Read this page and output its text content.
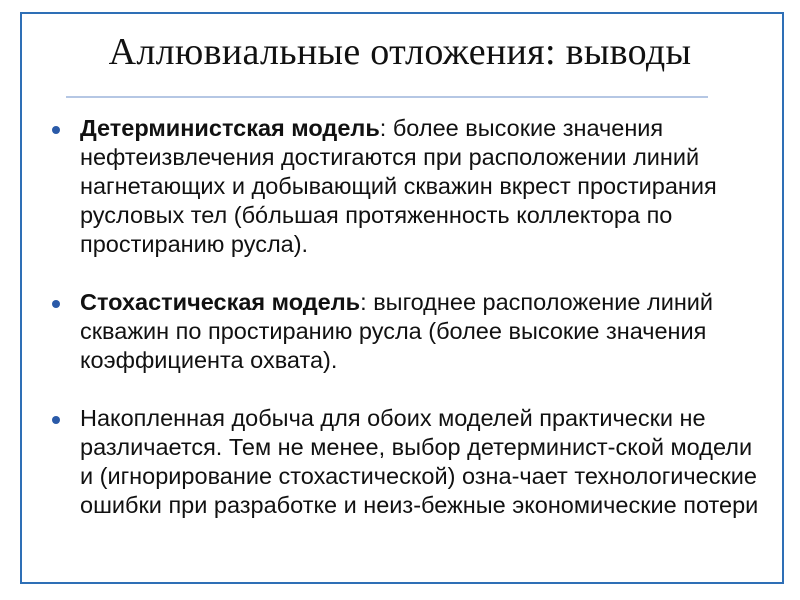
Аллювиальные отложения: выводы
Детерминистская модель: более высокие значения нефтеизвлечения достигаются при расположении линий нагнетающих и добывающий скважин вкрест простирания русловых тел (бóльшая протяженность коллектора по простиранию русла).
Стохастическая модель: выгоднее расположение линий скважин по простиранию русла (более высокие значения коэффициента охвата).
Накопленная добыча для обоих моделей практически не различается. Тем не менее, выбор детерминист-ской модели и (игнорирование стохастической) озна-чает технологические ошибки при разработке и неиз-бежные экономические потери
